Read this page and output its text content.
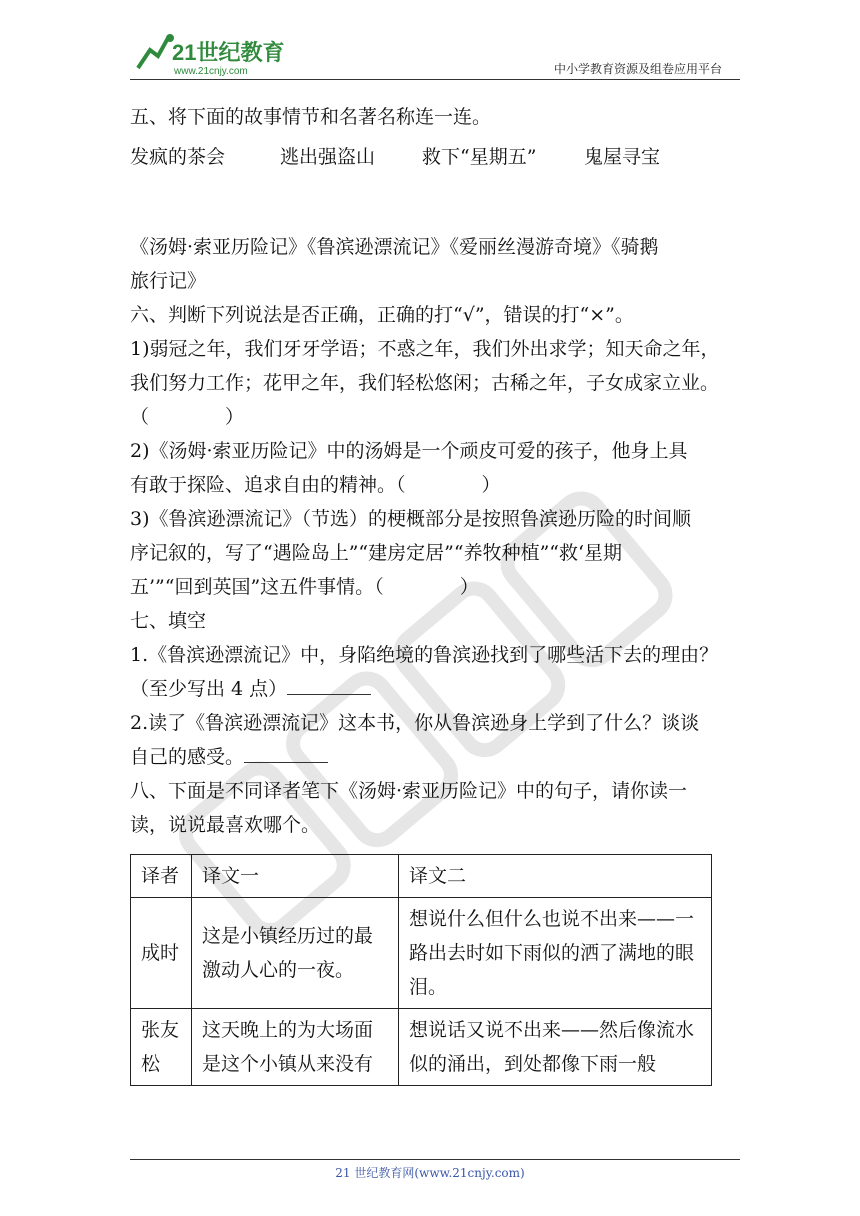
21世纪教育
www.21cnjy.com	中小学教育资源及组卷应用平台
五、将下面的故事情节和名著名称连一连。
发疯的茶会	逃出强盗山	救下“星期五”	鬼屋寻宝
《汤姆·索亚历险记》《鲁滨逊漂流记》《爱丽丝漫游奇境》《骑鹅
旅行记》
六、判断下列说法是否正确，正确的打“√”，错误的打“×”。
1)弱冠之年，我们牙牙学语；不惑之年，我们外出求学；知天命之年，
我们努力工作；花甲之年，我们轻松悠闲；古稀之年，子女成家立业。
（　　　　）
2)《汤姆·索亚历险记》中的汤姆是一个顽皮可爱的孩子，他身上具
有敢于探险、追求自由的精神。（　　　　）
3)《鲁滨逊漂流记》（节选）的梗概部分是按照鲁滨逊历险的时间顺
序记叙的，写了“遇险岛上”“建房定居”“养牧种植”“救‘星期
五’”“回到英国”这五件事情。（　　　　）
七、填空
1.《鲁滨逊漂流记》中，身陷绝境的鲁滨逊找到了哪些活下去的理由？
（至少写出 4 点）
2.读了《鲁滨逊漂流记》这本书，你从鲁滨逊身上学到了什么？谈谈
自己的感受。
八、下面是不同译者笔下《汤姆·索亚历险记》中的句子，请你读一
读，说说最喜欢哪个。
译者	译文一	译文二
成时	这是小镇经历过的最激动人心的一夜。	想说什么但什么也说不出来——一路出去时如下雨似的洒了满地的眼泪。
张友松	这天晚上的为大场面是这个小镇从来没有	想说话又说不出来——然后像流水似的涌出，到处都像下雨一般
21 世纪教育网(www.21cnjy.com)
